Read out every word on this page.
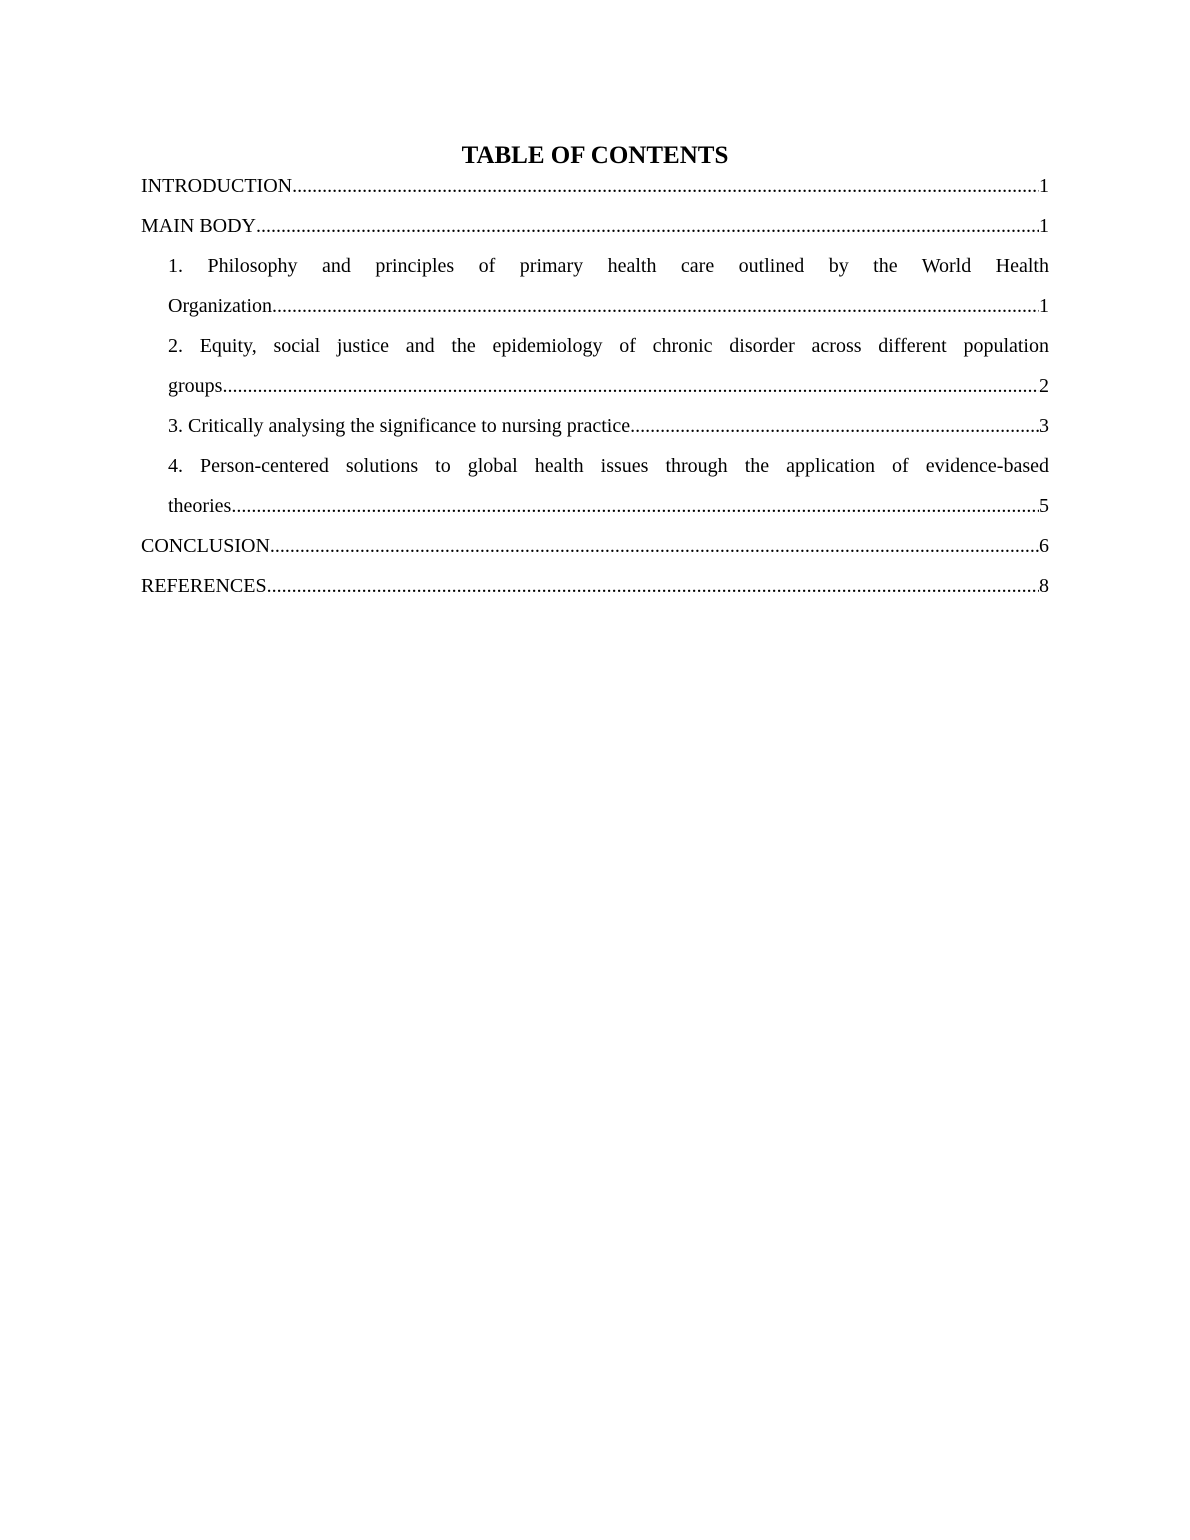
TABLE OF CONTENTS
INTRODUCTION .....	1
MAIN BODY .....	1
1. Philosophy and principles of primary health care outlined by the World Health
Organization .....	1
2. Equity, social justice and the epidemiology of chronic disorder across different population
groups .....	2
3. Critically analysing the significance to nursing practice .....	3
4. Person-centered solutions to global health issues through the application of evidence-based
theories .....	5
CONCLUSION .....	6
REFERENCES .....	8
